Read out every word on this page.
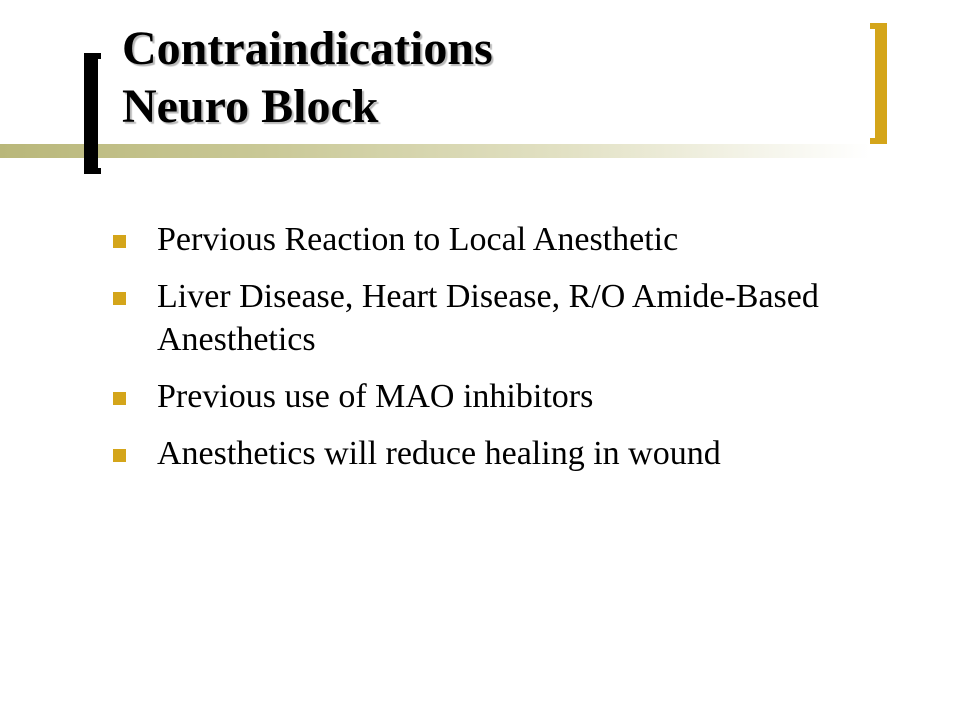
Contraindications
Neuro Block
Pervious Reaction to Local Anesthetic
Liver Disease, Heart Disease, R/O Amide-Based Anesthetics
Previous use of MAO inhibitors
Anesthetics will reduce healing in wound
